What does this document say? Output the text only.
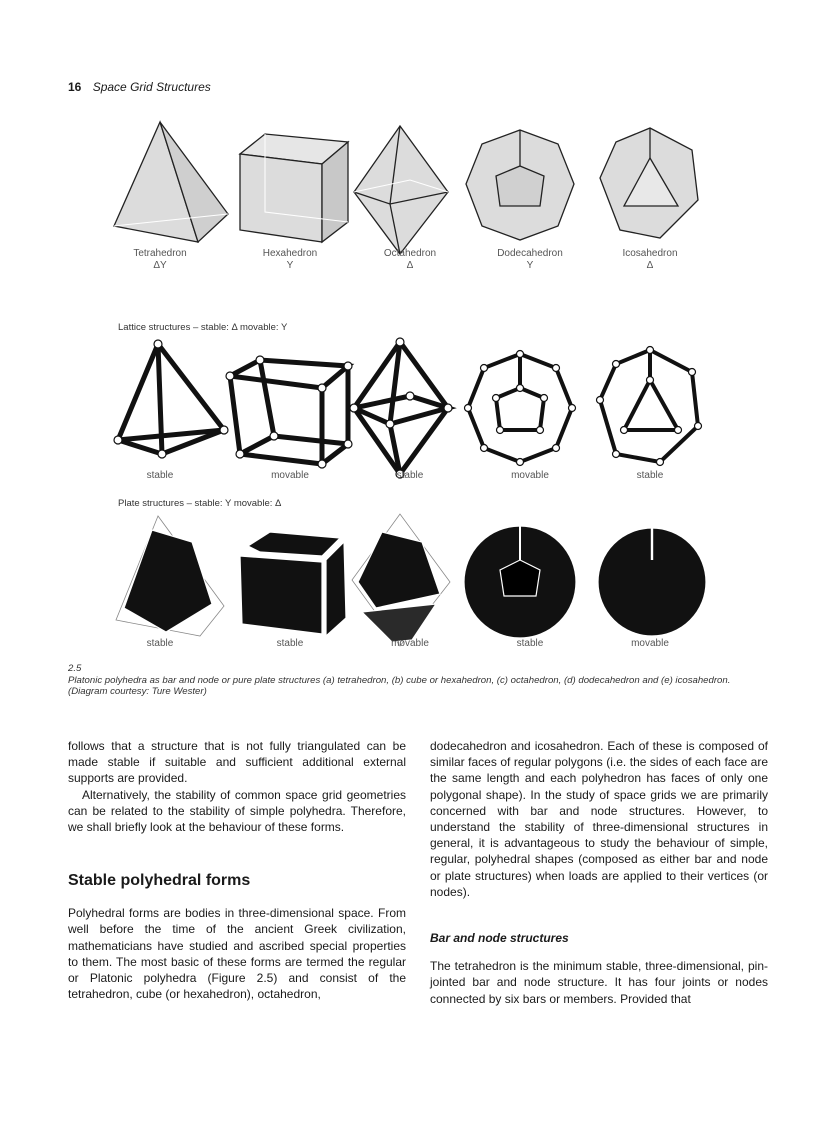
16 Space Grid Structures
Tetrahedron
ΔY
Hexahedron
Y
Octahedron
Δ
Dodecahedron
Y
Icosahedron
Δ
Lattice structures – stable: Δ movable: Y
stable	movable	stable	movable	stable
Plate structures – stable: Y movable: Δ
stable	stable	movable	stable	movable
2.5
Platonic polyhedra as bar and node or pure plate structures (a) tetrahedron, (b) cube or hexahedron, (c) octahedron, (d) dodecahedron and (e) icosahedron. (Diagram courtesy: Ture Wester)

follows that a structure that is not fully triangulated can be made stable if suitable and sufficient additional external supports are provided.

Alternatively, the stability of common space grid geometries can be related to the stability of simple polyhedra. Therefore, we shall briefly look at the behaviour of these forms.

Stable polyhedral forms

Polyhedral forms are bodies in three-dimensional space. From well before the time of the ancient Greek civilization, mathematicians have studied and ascribed special properties to them. The most basic of these forms are termed the regular or Platonic polyhedra (Figure 2.5) and consist of the tetrahedron, cube (or hexahedron), octahedron,

dodecahedron and icosahedron. Each of these is composed of similar faces of regular polygons (i.e. the sides of each face are the same length and each polyhedron has faces of only one polygonal shape). In the study of space grids we are primarily concerned with bar and node structures. However, to understand the stability of three-dimensional structures in general, it is advantageous to study the behaviour of simple, regular, polyhedral shapes (composed as either bar and node or plate structures) when loads are applied to their vertices (or nodes).

Bar and node structures

The tetrahedron is the minimum stable, three-dimensional, pin-jointed bar and node structure. It has four joints or nodes connected by six bars or members. Provided that
